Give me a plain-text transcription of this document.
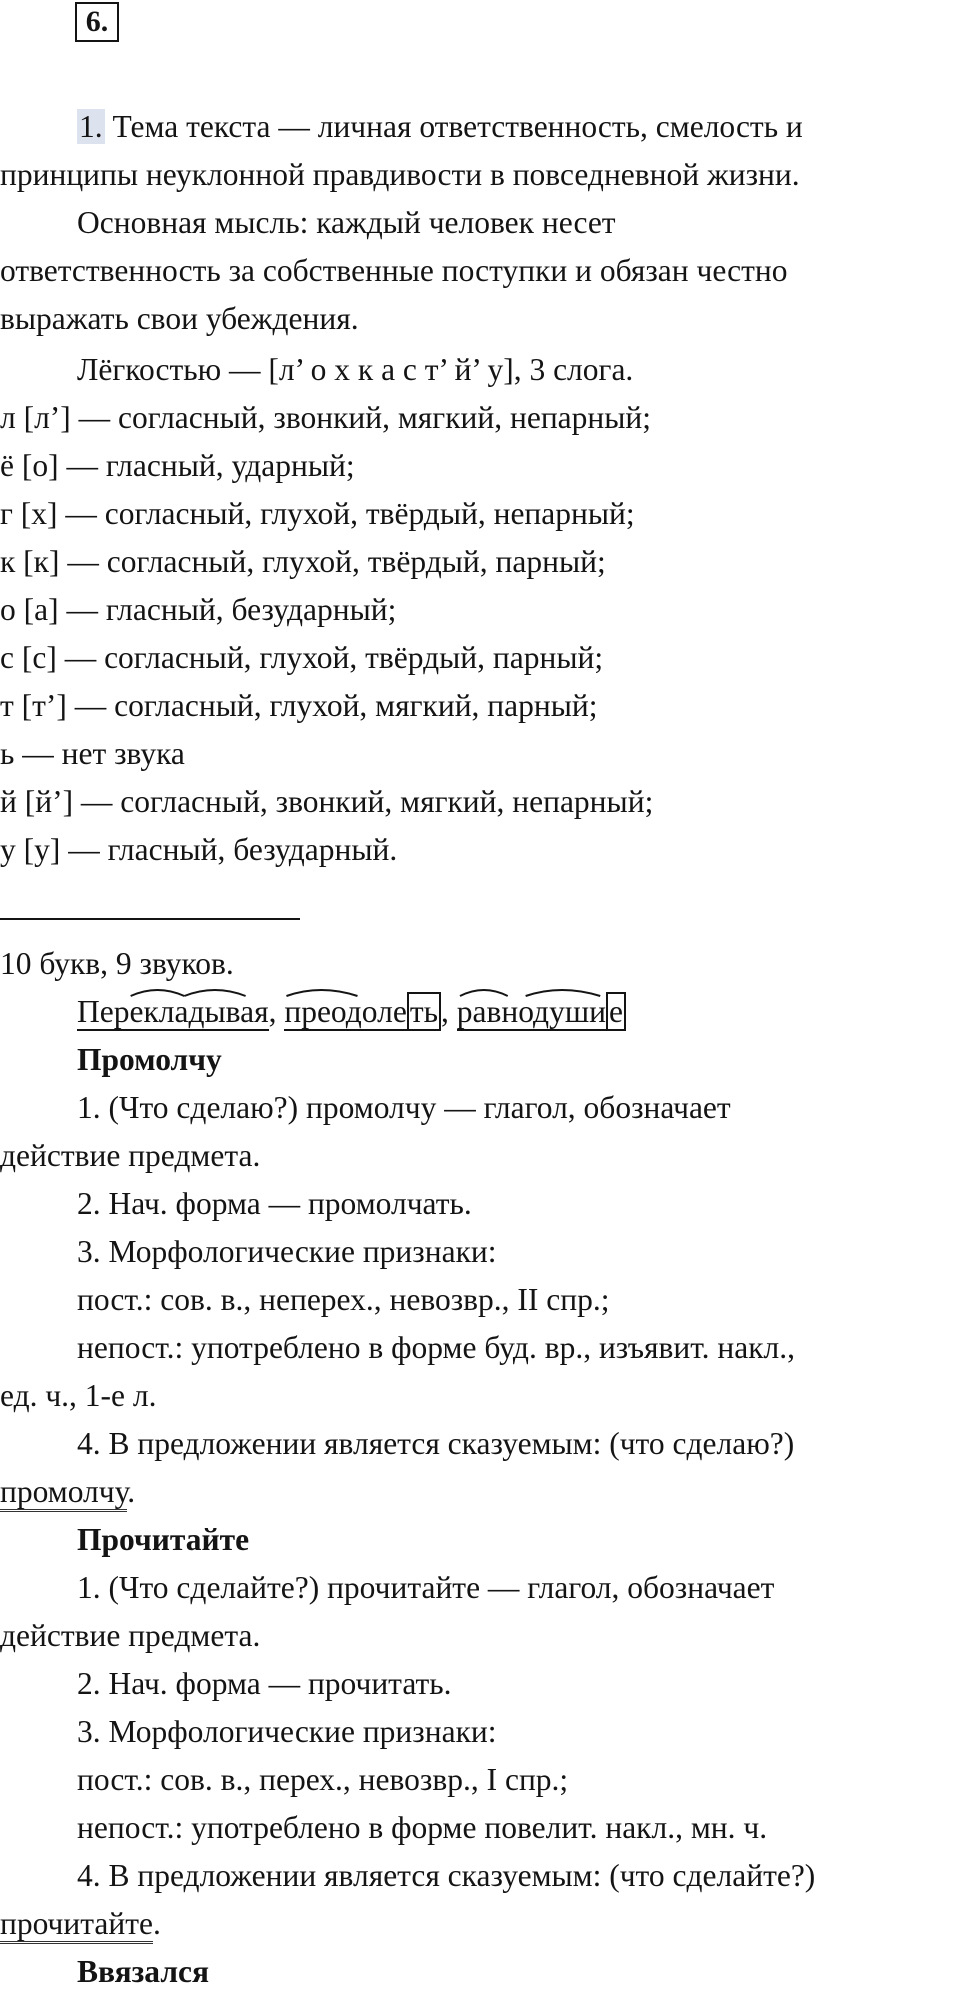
6.
1. Тема текста — личная ответственность, смелость и
принципы неуклонной правдивости в повседневной жизни.
Основная мысль: каждый человек несет
ответственность за собственные поступки и обязан честно
выражать свои убеждения.
Лёгкостью — [л’ о х к а с т’ й’ у], 3 слога.
л [л’] — согласный, звонкий, мягкий, непарный;
ё [о] — гласный, ударный;
г [х] — согласный, глухой, твёрдый, непарный;
к [к] — согласный, глухой, твёрдый, парный;
о [а] — гласный, безударный;
с [с] — согласный, глухой, твёрдый, парный;
т [т’] — согласный, глухой, мягкий, парный;
ь — нет звука
й [й’] — согласный, звонкий, мягкий, непарный;
у [у] — гласный, безударный.
10 букв, 9 звуков.
Перекладывая, преодолеть, равнодушие
Промолчу
1. (Что сделаю?) промолчу — глагол, обозначает
действие предмета.
2. Нач. форма — промолчать.
3. Морфологические признаки:
пост.: сов. в., неперех., невозвр., II спр.;
непост.: употреблено в форме буд. вр., изъявит. накл.,
ед. ч., 1-е л.
4. В предложении является сказуемым: (что сделаю?)
промолчу.
Прочитайте
1. (Что сделайте?) прочитайте — глагол, обозначает
действие предмета.
2. Нач. форма — прочитать.
3. Морфологические признаки:
пост.: сов. в., перех., невозвр., I спр.;
непост.: употреблено в форме повелит. накл., мн. ч.
4. В предложении является сказуемым: (что сделайте?)
прочитайте.
Ввязался
